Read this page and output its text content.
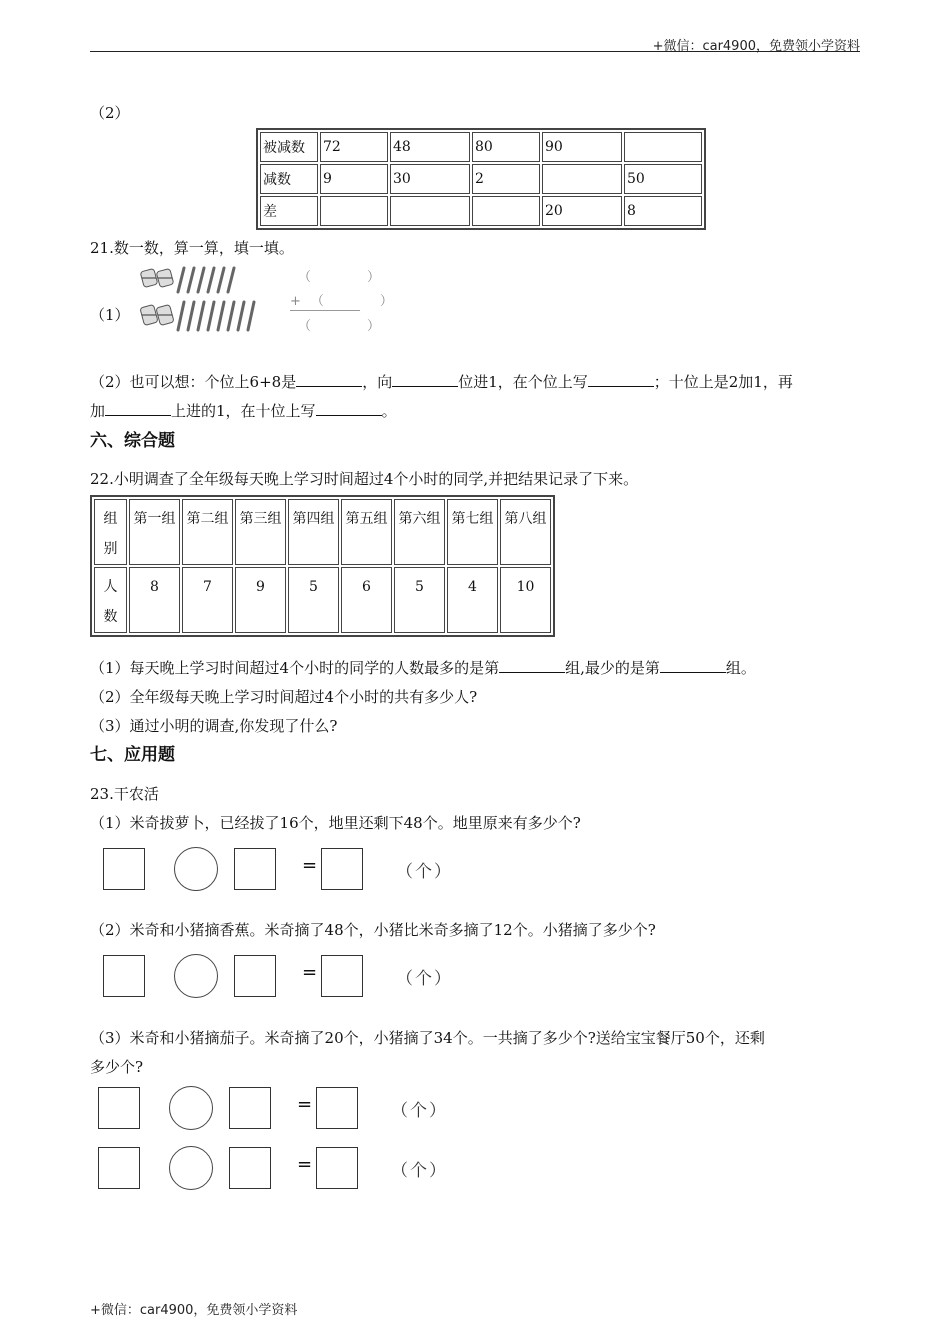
+微信：car4900，免费领小学资料
（2）
被减数	72	48	80	90	
减数	9	30	2		50
差				20	8
21.数一数，算一算，填一填。
（1）
（　　）
+（　　）
（　　）
（2）也可以想：个位上6+8是	，向	位进1，在个位上写	；十位上是2加1，再
加	上进的1，在十位上写	。
六、综合题
22.小明调查了全年级每天晚上学习时间超过4个小时的同学,并把结果记录了下来。
组
别	第一组	第二组	第三组	第四组	第五组	第六组	第七组	第八组
人
数	8	7	9	5	6	5	4	10
（1）每天晚上学习时间超过4个小时的同学的人数最多的是第	组,最少的是第	组。
（2）全年级每天晚上学习时间超过4个小时的共有多少人?
（3）通过小明的调查,你发现了什么?
七、应用题
23.干农活
（1）米奇拔萝卜，已经拔了16个，地里还剩下48个。地里原来有多少个?
=	（个）
（2）米奇和小猪摘香蕉。米奇摘了48个，小猪比米奇多摘了12个。小猪摘了多少个?
=	（个）
（3）米奇和小猪摘茄子。米奇摘了20个，小猪摘了34个。一共摘了多少个?送给宝宝餐厅50个，还剩
多少个?
=	（个）
=	（个）
+微信：car4900，免费领小学资料
